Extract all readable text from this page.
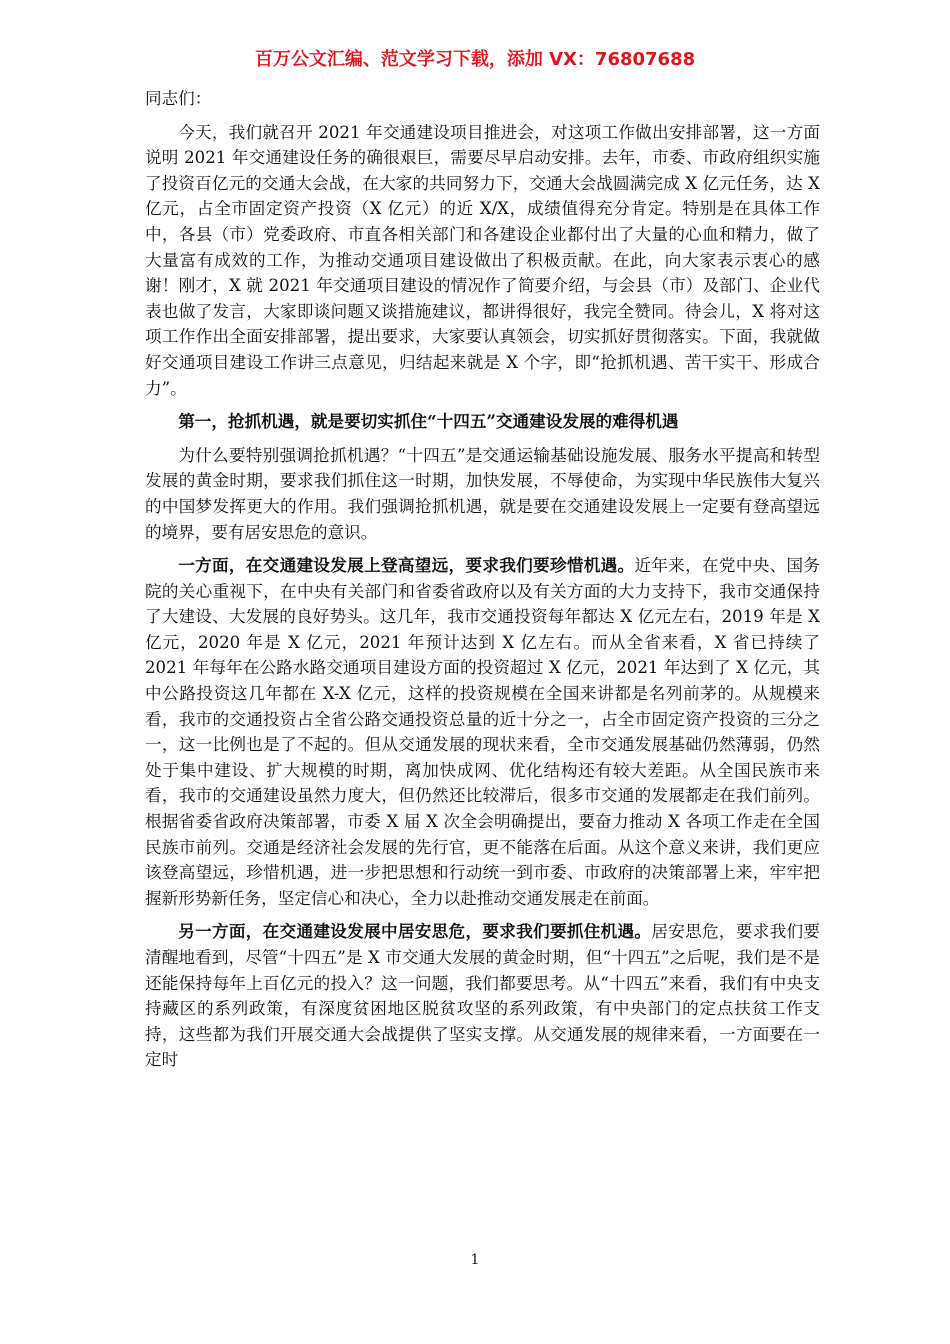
百万公文汇编、范文学习下载，添加 VX：76807688

同志们：

今天，我们就召开 2021 年交通建设项目推进会，对这项工作做出安排部署，这一方面说明 2021 年交通建设任务的确很艰巨，需要尽早启动安排。去年，市委、市政府组织实施了投资百亿元的交通大会战，在大家的共同努力下，交通大会战圆满完成 X 亿元任务，达 X 亿元，占全市固定资产投资（X 亿元）的近 X/X，成绩值得充分肯定。特别是在具体工作中，各县（市）党委政府、市直各相关部门和各建设企业都付出了大量的心血和精力，做了大量富有成效的工作，为推动交通项目建设做出了积极贡献。在此，向大家表示衷心的感谢！刚才，X 就 2021 年交通项目建设的情况作了简要介绍，与会县（市）及部门、企业代表也做了发言，大家即谈问题又谈措施建议，都讲得很好，我完全赞同。待会儿，X 将对这项工作作出全面安排部署，提出要求，大家要认真领会，切实抓好贯彻落实。下面，我就做好交通项目建设工作讲三点意见，归结起来就是 X 个字，即“抢抓机遇、苦干实干、形成合力”。

第一，抢抓机遇，就是要切实抓住“十四五”交通建设发展的难得机遇

为什么要特别强调抢抓机遇？“十四五”是交通运输基础设施发展、服务水平提高和转型发展的黄金时期，要求我们抓住这一时期，加快发展，不辱使命，为实现中华民族伟大复兴的中国梦发挥更大的作用。我们强调抢抓机遇，就是要在交通建设发展上一定要有登高望远的境界，要有居安思危的意识。

一方面，在交通建设发展上登高望远，要求我们要珍惜机遇。近年来，在党中央、国务院的关心重视下，在中央有关部门和省委省政府以及有关方面的大力支持下，我市交通保持了大建设、大发展的良好势头。这几年，我市交通投资每年都达 X 亿元左右，2019 年是 X 亿元，2020 年是 X 亿元，2021 年预计达到 X 亿左右。而从全省来看，X 省已持续了 2021 年每年在公路水路交通项目建设方面的投资超过 X 亿元，2021 年达到了 X 亿元，其中公路投资这几年都在 X-X 亿元，这样的投资规模在全国来讲都是名列前茅的。从规模来看，我市的交通投资占全省公路交通投资总量的近十分之一，占全市固定资产投资的三分之一，这一比例也是了不起的。但从交通发展的现状来看，全市交通发展基础仍然薄弱，仍然处于集中建设、扩大规模的时期，离加快成网、优化结构还有较大差距。从全国民族市来看，我市的交通建设虽然力度大，但仍然还比较滞后，很多市交通的发展都走在我们前列。根据省委省政府决策部署，市委 X 届 X 次全会明确提出，要奋力推动 X 各项工作走在全国民族市前列。交通是经济社会发展的先行官，更不能落在后面。从这个意义来讲，我们更应该登高望远，珍惜机遇，进一步把思想和行动统一到市委、市政府的决策部署上来，牢牢把握新形势新任务，坚定信心和决心，全力以赴推动交通发展走在前面。

另一方面，在交通建设发展中居安思危，要求我们要抓住机遇。居安思危，要求我们要清醒地看到，尽管“十四五”是 X 市交通大发展的黄金时期，但“十四五”之后呢，我们是不是还能保持每年上百亿元的投入？这一问题，我们都要思考。从“十四五”来看，我们有中央支持藏区的系列政策，有深度贫困地区脱贫攻坚的系列政策，有中央部门的定点扶贫工作支持，这些都为我们开展交通大会战提供了坚实支撑。从交通发展的规律来看，一方面要在一定时

1
